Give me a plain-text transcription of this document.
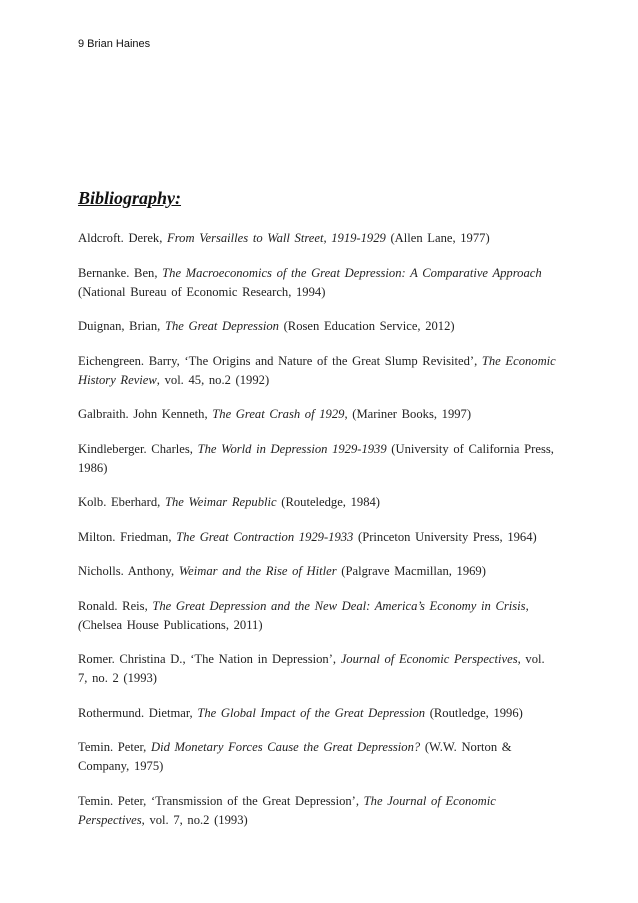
9 Brian Haines
Bibliography:

Aldcroft. Derek, From Versailles to Wall Street, 1919-1929 (Allen Lane, 1977)

Bernanke. Ben, The Macroeconomics of the Great Depression: A Comparative Approach (National Bureau of Economic Research, 1994)

Duignan, Brian, The Great Depression (Rosen Education Service, 2012)

Eichengreen. Barry, ‘The Origins and Nature of the Great Slump Revisited’, The Economic History Review, vol. 45, no.2 (1992)

Galbraith. John Kenneth, The Great Crash of 1929, (Mariner Books, 1997)

Kindleberger. Charles, The World in Depression 1929-1939 (University of California Press, 1986)

Kolb. Eberhard, The Weimar Republic (Routeledge, 1984)

Milton. Friedman, The Great Contraction 1929-1933 (Princeton University Press, 1964)

Nicholls. Anthony, Weimar and the Rise of Hitler (Palgrave Macmillan, 1969)

Ronald. Reis, The Great Depression and the New Deal: America’s Economy in Crisis, (Chelsea House Publications, 2011)

Romer. Christina D., ‘The Nation in Depression’, Journal of Economic Perspectives, vol. 7, no. 2 (1993)

Rothermund. Dietmar, The Global Impact of the Great Depression (Routledge, 1996)

Temin. Peter, Did Monetary Forces Cause the Great Depression? (W.W. Norton & Company, 1975)

Temin. Peter, ‘Transmission of the Great Depression’, The Journal of Economic Perspectives, vol. 7, no.2 (1993)
